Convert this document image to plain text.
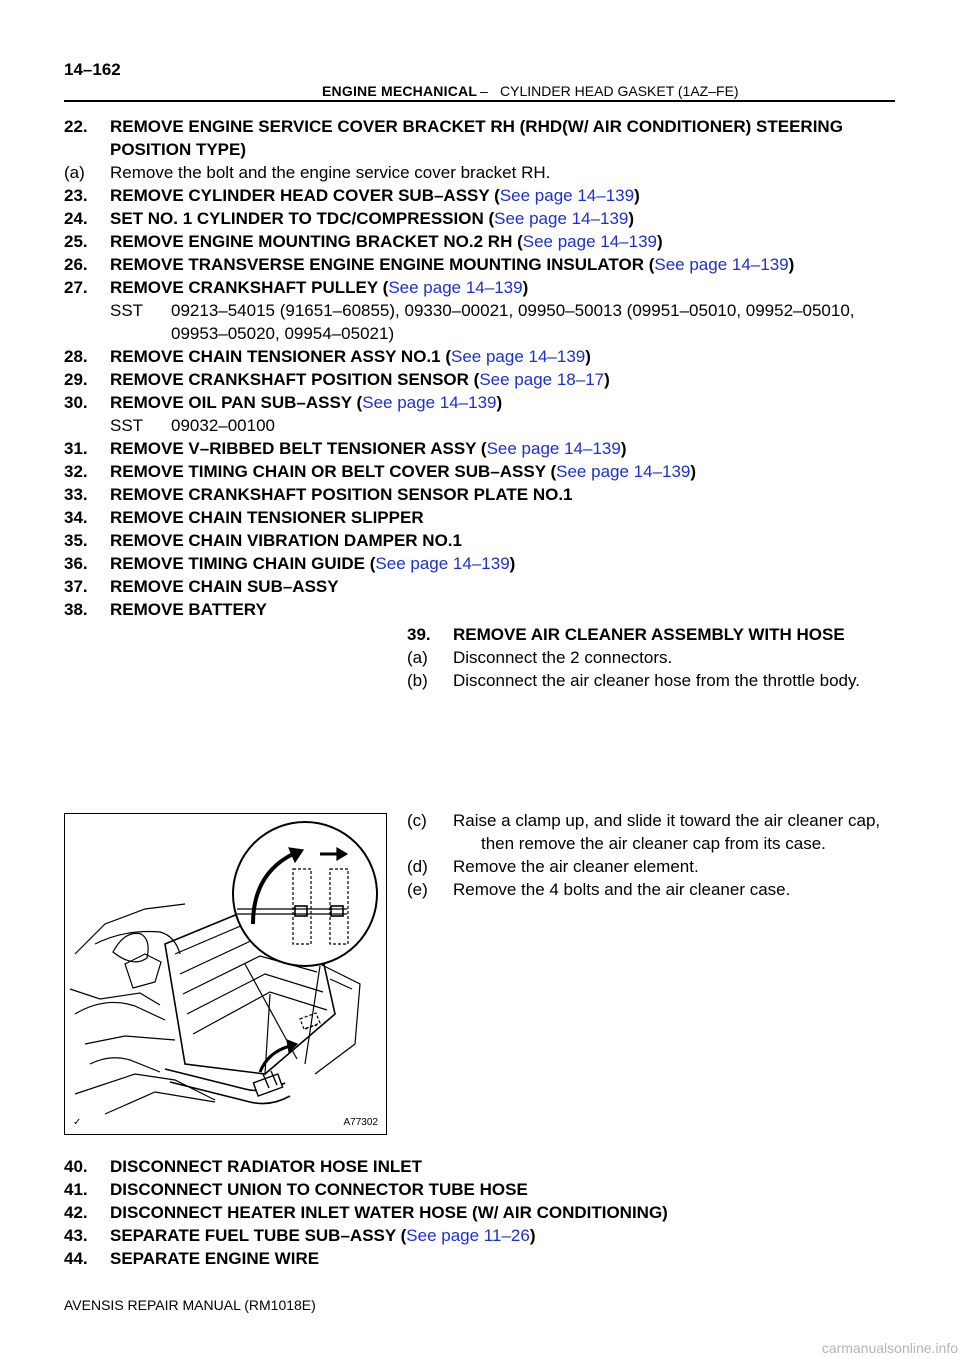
14–162
ENGINE MECHANICAL – CYLINDER HEAD GASKET (1AZ–FE)
22. REMOVE ENGINE SERVICE COVER BRACKET RH (RHD(W/ AIR CONDITIONER) STEERING
POSITION TYPE)
(a) Remove the bolt and the engine service cover bracket RH.
23. REMOVE CYLINDER HEAD COVER SUB–ASSY (See page 14–139)
24. SET NO. 1 CYLINDER TO TDC/COMPRESSION (See page 14–139)
25. REMOVE ENGINE MOUNTING BRACKET NO.2 RH (See page 14–139)
26. REMOVE TRANSVERSE ENGINE ENGINE MOUNTING INSULATOR (See page 14–139)
27. REMOVE CRANKSHAFT PULLEY (See page 14–139)
SST 09213–54015 (91651–60855), 09330–00021, 09950–50013 (09951–05010, 09952–05010,
09953–05020, 09954–05021)
28. REMOVE CHAIN TENSIONER ASSY NO.1 (See page 14–139)
29. REMOVE CRANKSHAFT POSITION SENSOR (See page 18–17)
30. REMOVE OIL PAN SUB–ASSY (See page 14–139)
SST 09032–00100
31. REMOVE V–RIBBED BELT TENSIONER ASSY (See page 14–139)
32. REMOVE TIMING CHAIN OR BELT COVER SUB–ASSY (See page 14–139)
33. REMOVE CRANKSHAFT POSITION SENSOR PLATE NO.1
34. REMOVE CHAIN TENSIONER SLIPPER
35. REMOVE CHAIN VIBRATION DAMPER NO.1
36. REMOVE TIMING CHAIN GUIDE (See page 14–139)
37. REMOVE CHAIN SUB–ASSY
38. REMOVE BATTERY
39. REMOVE AIR CLEANER ASSEMBLY WITH HOSE
(a) Disconnect the 2 connectors.
(b) Disconnect the air cleaner hose from the throttle body.
(c) Raise a clamp up, and slide it toward the air cleaner cap,
then remove the air cleaner cap from its case.
(d) Remove the air cleaner element.
(e) Remove the 4 bolts and the air cleaner case.
✓	A77302
40. DISCONNECT RADIATOR HOSE INLET
41. DISCONNECT UNION TO CONNECTOR TUBE HOSE
42. DISCONNECT HEATER INLET WATER HOSE (W/ AIR CONDITIONING)
43. SEPARATE FUEL TUBE SUB–ASSY (See page 11–26)
44. SEPARATE ENGINE WIRE
AVENSIS REPAIR MANUAL (RM1018E)
carmanualsonline.info
